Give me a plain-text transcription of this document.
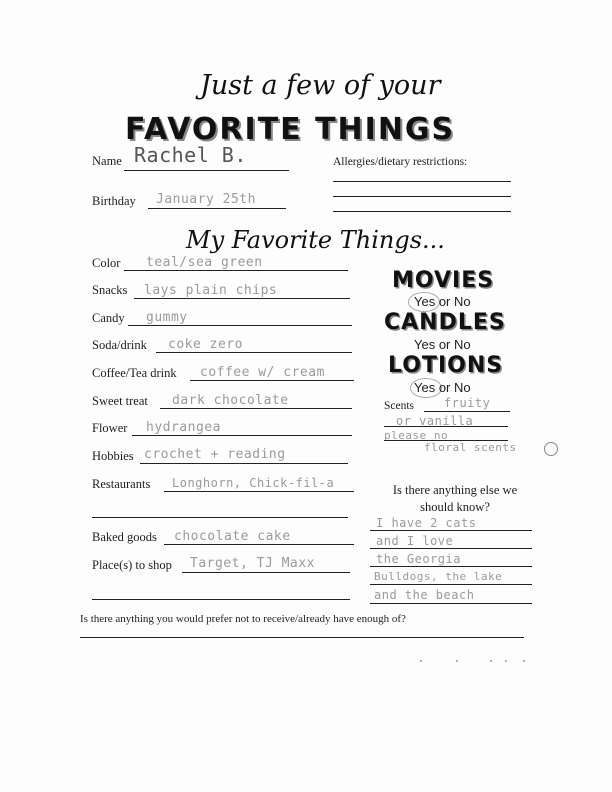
Just a few of your
FAVORITE THINGS
Name Rachel B.	Allergies/dietary restrictions:
Birthday January 25th
My Favorite Things...
Color teal/sea green
Snacks lays plain chips
Candy gummy
Soda/drink coke zero
Coffee/Tea drink coffee w/ cream
Sweet treat dark chocolate
Flower hydrangea
Hobbies crochet + reading
Restaurants Longhorn, Chick-fil-a
Baked goods chocolate cake
Place(s) to shop Target, TJ Maxx
MOVIES
Yes or No
CANDLES
Yes or No
LOTIONS
Yes or No
Scents fruity
or vanilla
please no
floral scents
Is there anything else we should know?
I have 2 cats
and I love
the Georgia
Bulldogs, the lake
and the beach
Is there anything you would prefer not to receive/already have enough of?
